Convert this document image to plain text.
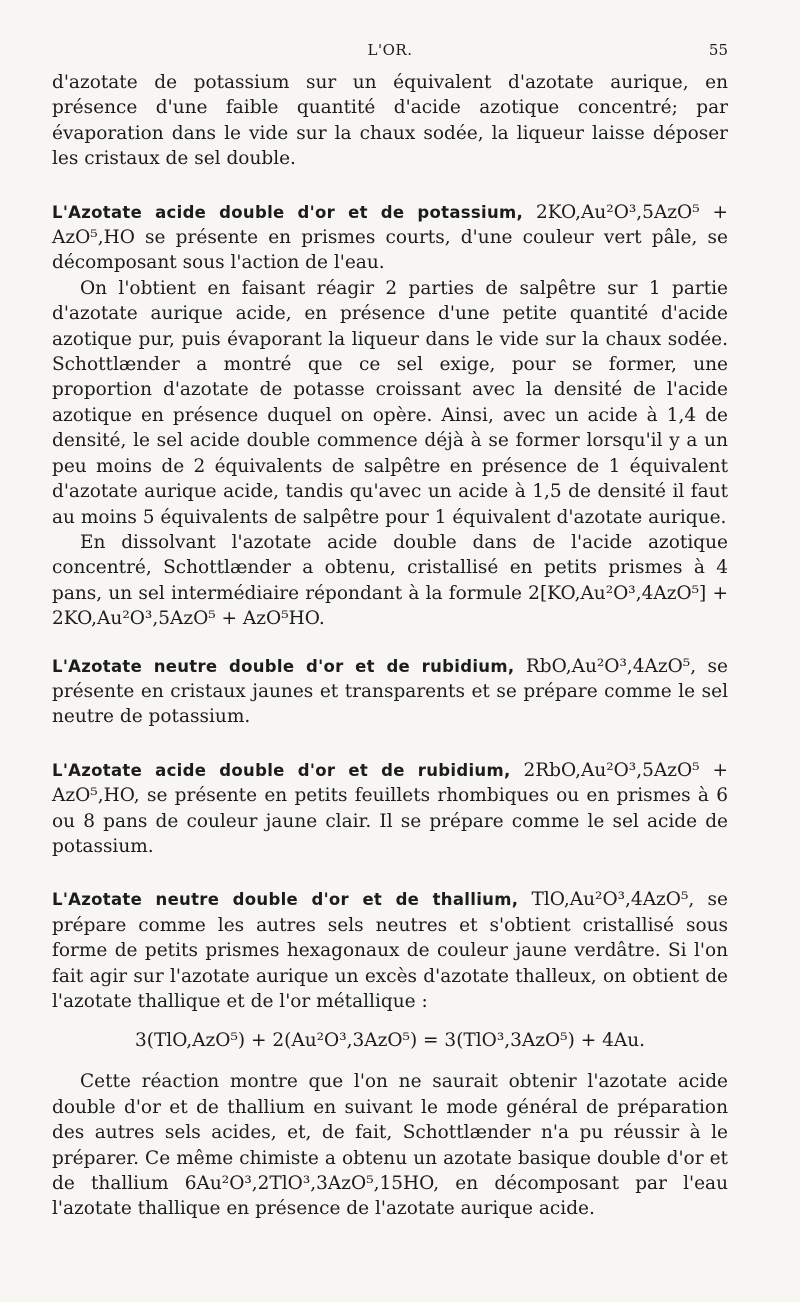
L'OR.	55

d'azotate de potassium sur un équivalent d'azotate aurique, en présence d'une faible quantité d'acide azotique concentré; par évaporation dans le vide sur la chaux sodée, la liqueur laisse déposer les cristaux de sel double.

L'Azotate acide double d'or et de potassium, 2KO,Au²O³,5AzO⁵ + AzO⁵,HO se présente en prismes courts, d'une couleur vert pâle, se décomposant sous l'action de l'eau.

On l'obtient en faisant réagir 2 parties de salpêtre sur 1 partie d'azotate aurique acide, en présence d'une petite quantité d'acide azotique pur, puis évaporant la liqueur dans le vide sur la chaux sodée. Schottlænder a montré que ce sel exige, pour se former, une proportion d'azotate de potasse croissant avec la densité de l'acide azotique en présence duquel on opère. Ainsi, avec un acide à 1,4 de densité, le sel acide double commence déjà à se former lorsqu'il y a un peu moins de 2 équivalents de salpêtre en présence de 1 équivalent d'azotate aurique acide, tandis qu'avec un acide à 1,5 de densité il faut au moins 5 équivalents de salpêtre pour 1 équivalent d'azotate aurique.

En dissolvant l'azotate acide double dans de l'acide azotique concentré, Schottlænder a obtenu, cristallisé en petits prismes à 4 pans, un sel intermédiaire répondant à la formule 2[KO,Au²O³,4AzO⁵] + 2KO,Au²O³,5AzO⁵ + AzO⁵HO.

L'Azotate neutre double d'or et de rubidium, RbO,Au²O³,4AzO⁵, se présente en cristaux jaunes et transparents et se prépare comme le sel neutre de potassium.

L'Azotate acide double d'or et de rubidium, 2RbO,Au²O³,5AzO⁵ + AzO⁵,HO, se présente en petits feuillets rhombiques ou en prismes à 6 ou 8 pans de couleur jaune clair. Il se prépare comme le sel acide de potassium.

L'Azotate neutre double d'or et de thallium, TlO,Au²O³,4AzO⁵, se prépare comme les autres sels neutres et s'obtient cristallisé sous forme de petits prismes hexagonaux de couleur jaune verdâtre. Si l'on fait agir sur l'azotate aurique un excès d'azotate thalleux, on obtient de l'azotate thallique et de l'or métallique :

3(TlO,AzO⁵) + 2(Au²O³,3AzO⁵) = 3(TlO³,3AzO⁵) + 4Au.

Cette réaction montre que l'on ne saurait obtenir l'azotate acide double d'or et de thallium en suivant le mode général de préparation des autres sels acides, et, de fait, Schottlænder n'a pu réussir à le préparer. Ce même chimiste a obtenu un azotate basique double d'or et de thallium 6Au²O³,2TlO³,3AzO⁵,15HO, en décomposant par l'eau l'azotate thallique en présence de l'azotate aurique acide.
